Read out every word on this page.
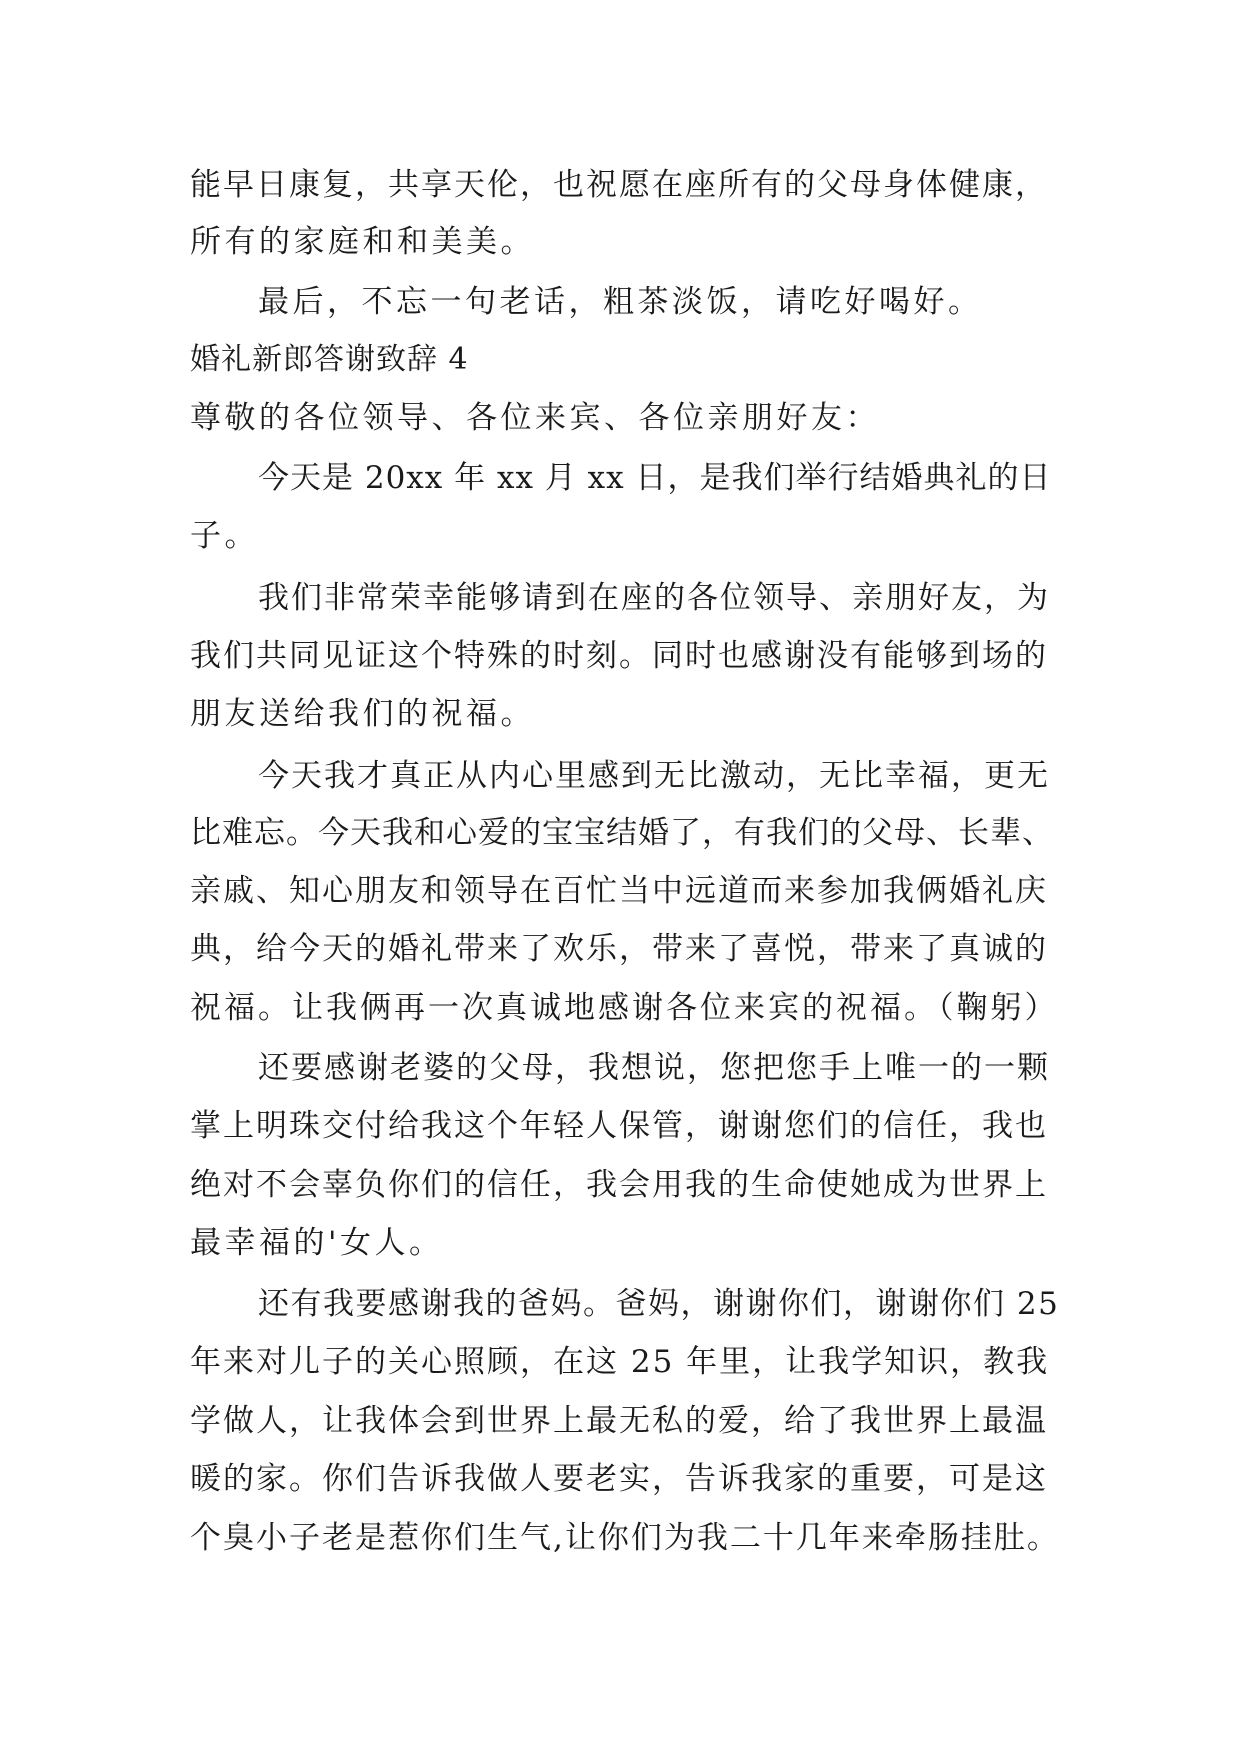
能早日康复，共享天伦，也祝愿在座所有的父母身体健康，
所有的家庭和和美美。
最后，不忘一句老话，粗茶淡饭，请吃好喝好。
婚礼新郎答谢致辞 4
尊敬的各位领导、各位来宾、各位亲朋好友：
今天是 20xx 年 xx 月 xx 日，是我们举行结婚典礼的日
子。
我们非常荣幸能够请到在座的各位领导、亲朋好友，为
我们共同见证这个特殊的时刻。同时也感谢没有能够到场的
朋友送给我们的祝福。
今天我才真正从内心里感到无比激动，无比幸福，更无
比难忘。今天我和心爱的宝宝结婚了，有我们的父母、长辈、
亲戚、知心朋友和领导在百忙当中远道而来参加我俩婚礼庆
典，给今天的婚礼带来了欢乐，带来了喜悦，带来了真诚的
祝福。让我俩再一次真诚地感谢各位来宾的祝福。（鞠躬）
还要感谢老婆的父母，我想说，您把您手上唯一的一颗
掌上明珠交付给我这个年轻人保管，谢谢您们的信任，我也
绝对不会辜负你们的信任，我会用我的生命使她成为世界上
最幸福的'女人。
还有我要感谢我的爸妈。爸妈，谢谢你们，谢谢你们 25
年来对儿子的关心照顾，在这 25 年里，让我学知识，教我
学做人，让我体会到世界上最无私的爱，给了我世界上最温
暖的家。你们告诉我做人要老实，告诉我家的重要，可是这
个臭小子老是惹你们生气,让你们为我二十几年来牵肠挂肚。
